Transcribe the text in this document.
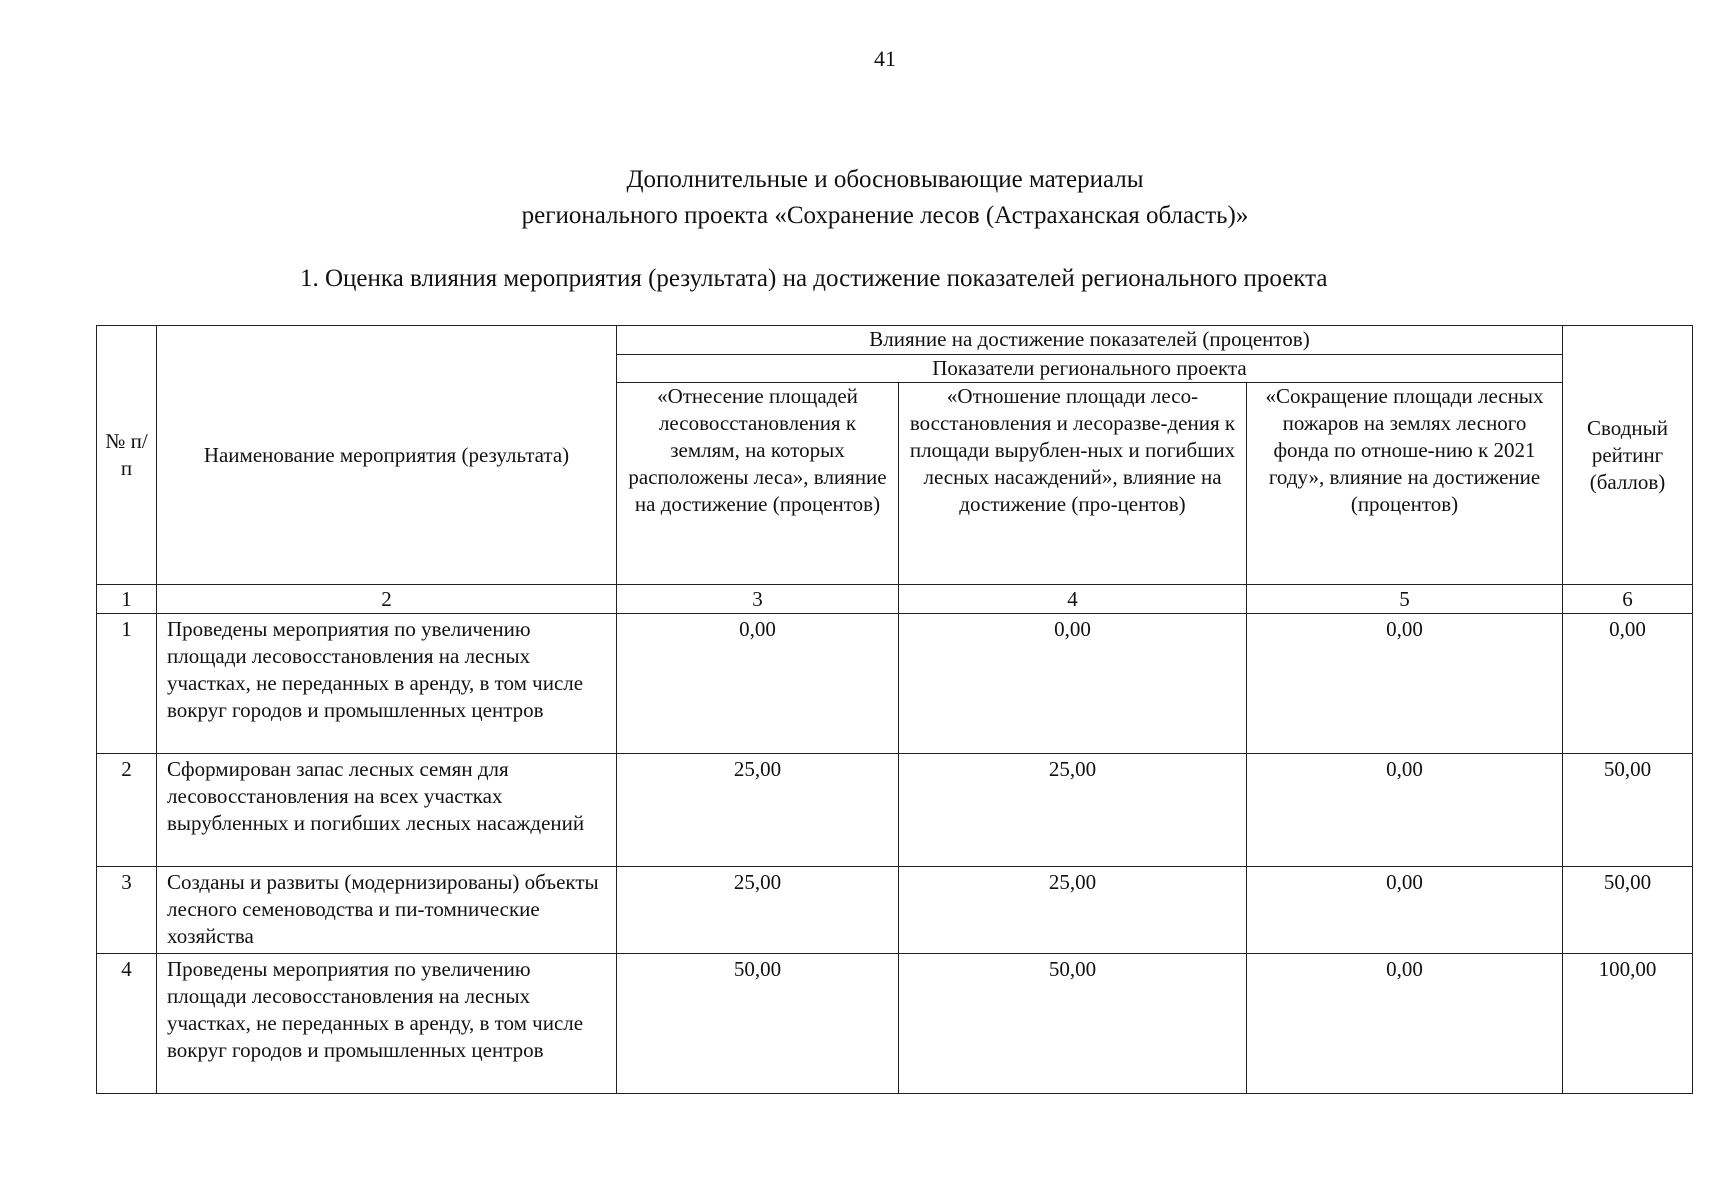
41
Дополнительные и обосновывающие материалы
регионального проекта «Сохранение лесов (Астраханская область)»
1. Оценка влияния мероприятия (результата) на достижение показателей регионального проекта
№ п/п	Наименование мероприятия (результата)	Влияние на достижение показателей (процентов)			Сводный рейтинг (баллов)
		Показатели регионального проекта			
		«Отнесение площадей лесовосстановления к землям, на которых расположены леса», влияние на достижение (процентов)	«Отношение площади лесо-восстановления и лесоразве-дения к площади вырублен-ных и погибших лесных насаждений», влияние на достижение (про-центов)	«Сокращение площади лесных пожаров на землях лесного фонда по отноше-нию к 2021 году», влияние на достижение (процентов)	
1	2	3	4	5	6
1	Проведены мероприятия по увеличению площади лесовосстановления на лесных участках, не переданных в аренду, в том числе вокруг городов и промышленных центров	0,00	0,00	0,00	0,00
2	Сформирован запас лесных семян для лесовосстановления на всех участках вырубленных и погибших лесных насаждений	25,00	25,00	0,00	50,00
3	Созданы и развиты (модернизированы) объекты лесного семеноводства и пи-томнические хозяйства	25,00	25,00	0,00	50,00
4	Проведены мероприятия по увеличению площади лесовосстановления на лесных участках, не переданных в аренду, в том числе вокруг городов и промышленных центров	50,00	50,00	0,00	100,00
